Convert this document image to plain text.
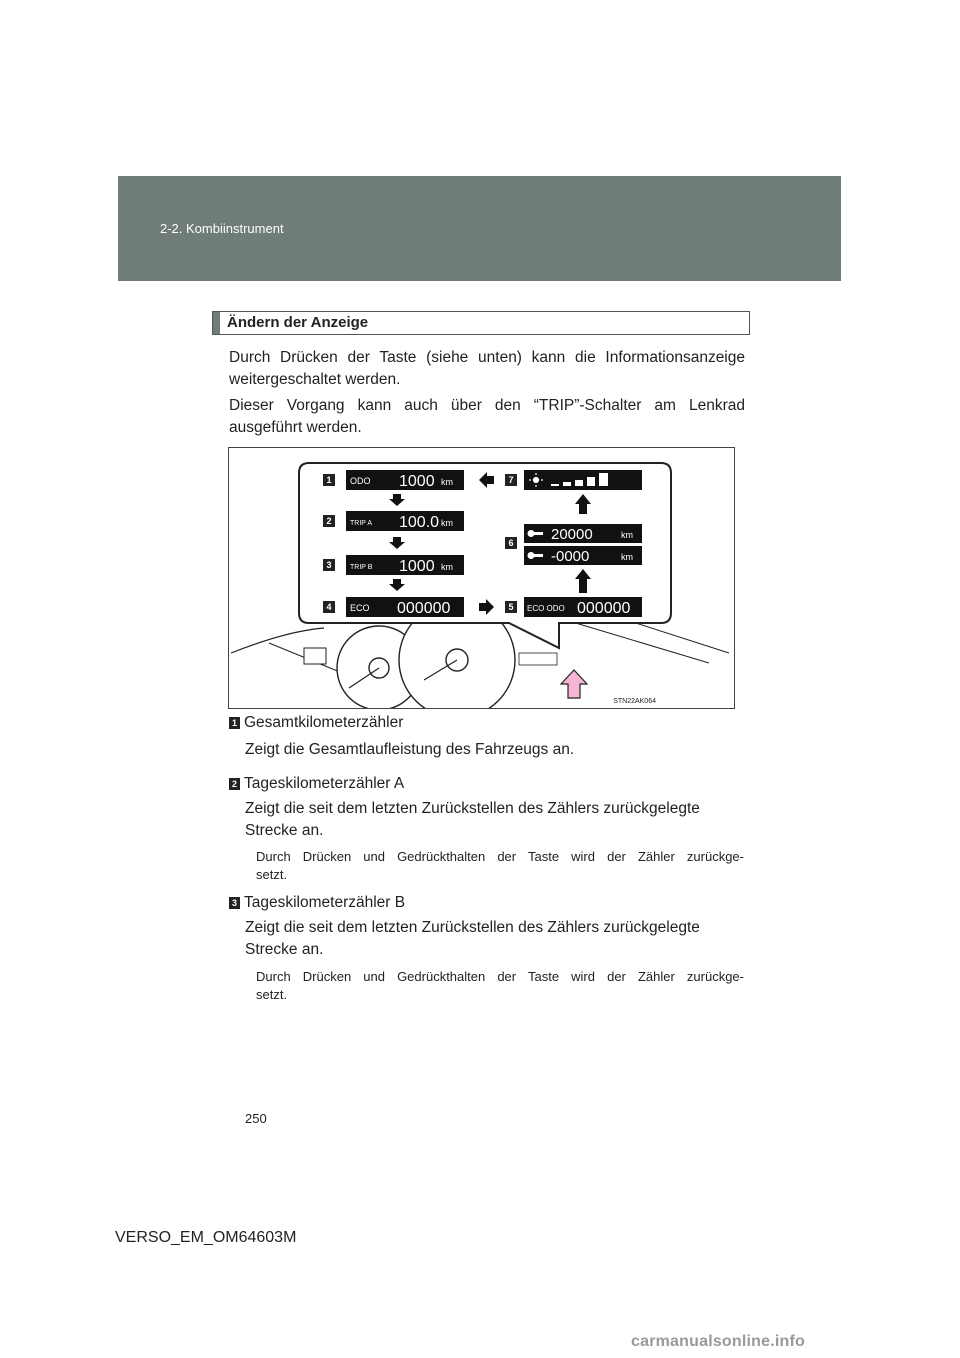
2-2. Kombiinstrument
Ändern der Anzeige
Durch Drücken der Taste (siehe unten) kann die Informationsanzeige
weitergeschaltet werden.
Dieser Vorgang kann auch über den “TRIP”-Schalter am Lenkrad
ausgeführt werden.
STN22AK064
1
2
3
4	5
6
7
ODO 1000 km
TRIP A 100.0 km
TRIP B 1000 km
ECO 000000	ECO ODO 000000
20000	km
-0000	km
1 Gesamtkilometerzähler
Zeigt die Gesamtlaufleistung des Fahrzeugs an.
2 Tageskilometerzähler A
Zeigt die seit dem letzten Zurückstellen des Zählers zurückgelegte
Strecke an.
Durch Drücken und Gedrückthalten der Taste wird der Zähler zurückge-
setzt.
3 Tageskilometerzähler B
Zeigt die seit dem letzten Zurückstellen des Zählers zurückgelegte
Strecke an.
Durch Drücken und Gedrückthalten der Taste wird der Zähler zurückge-
setzt.
250
VERSO_EM_OM64603M
carmanualsonline.info
